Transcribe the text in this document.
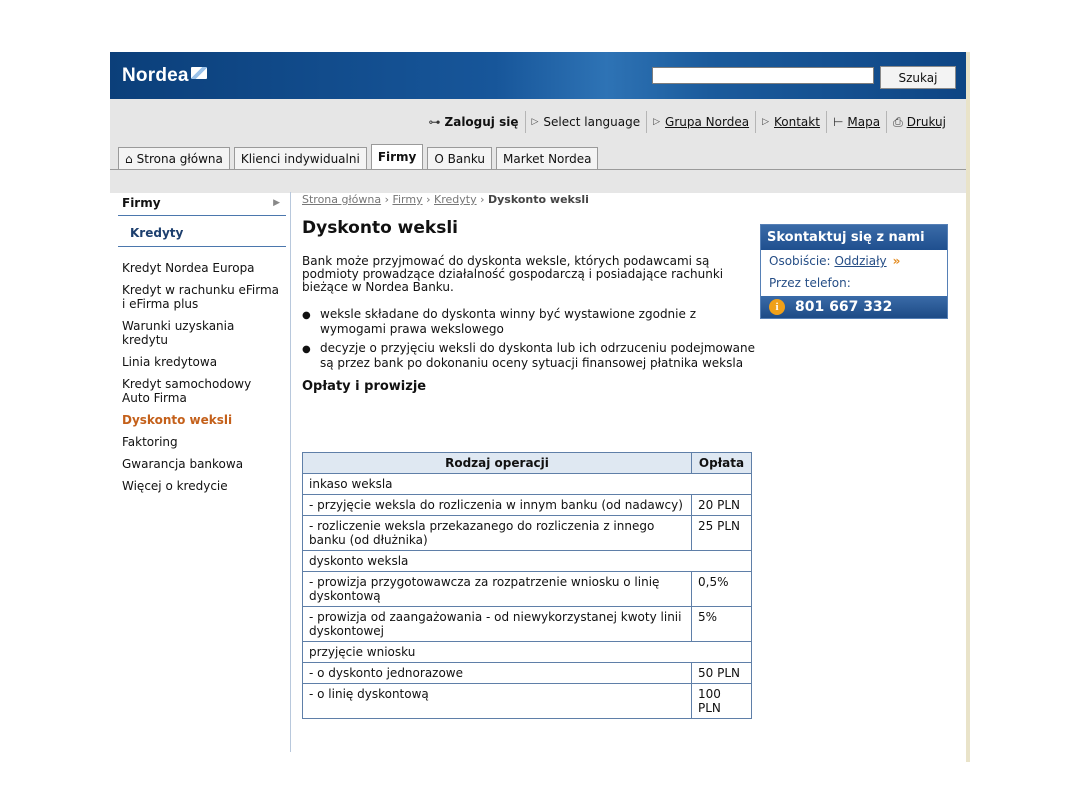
Nordea	Szukaj
⊶ Zaloguj się ▷ Select language ▷ Grupa Nordea ▷ Kontakt ⊢ Mapa ⎙ Drukuj
⌂ Strona główna Klienci indywidualni Firmy O Banku Market Nordea
Firmy	▶
Kredyty
Kredyt Nordea Europa
Kredyt w rachunku eFirma i eFirma plus
Warunki uzyskania kredytu
Linia kredytowa
Kredyt samochodowy Auto Firma
Dyskonto weksli
Faktoring
Gwarancja bankowa
Więcej o kredycie
Strona główna › Firmy › Kredyty › Dyskonto weksli
Dyskonto weksli
Bank może przyjmować do dyskonta weksle, których podawcami są podmioty prowadzące działalność gospodarczą i posiadające rachunki bieżące w Nordea Banku.
● weksle składane do dyskonta winny być wystawione zgodnie z wymogami prawa wekslowego
● decyzje o przyjęciu weksli do dyskonta lub ich odrzuceniu podejmowane są przez bank po dokonaniu oceny sytuacji finansowej płatnika weksla
Opłaty i prowizje
Rodzaj operacji	Opłata
inkaso weksla	
- przyjęcie weksla do rozliczenia w innym banku (od nadawcy)	20 PLN
- rozliczenie weksla przekazanego do rozliczenia z innego banku (od dłużnika)	25 PLN
dyskonto weksla	
- prowizja przygotowawcza za rozpatrzenie wniosku o linię dyskontową	0,5%
- prowizja od zaangażowania - od niewykorzystanej kwoty linii dyskontowej	5%
przyjęcie wniosku	
- o dyskonto jednorazowe	50 PLN
- o linię dyskontową	100 PLN
Skontaktuj się z nami
Osobiście: Oddziały »
Przez telefon:
i	801 667 332
